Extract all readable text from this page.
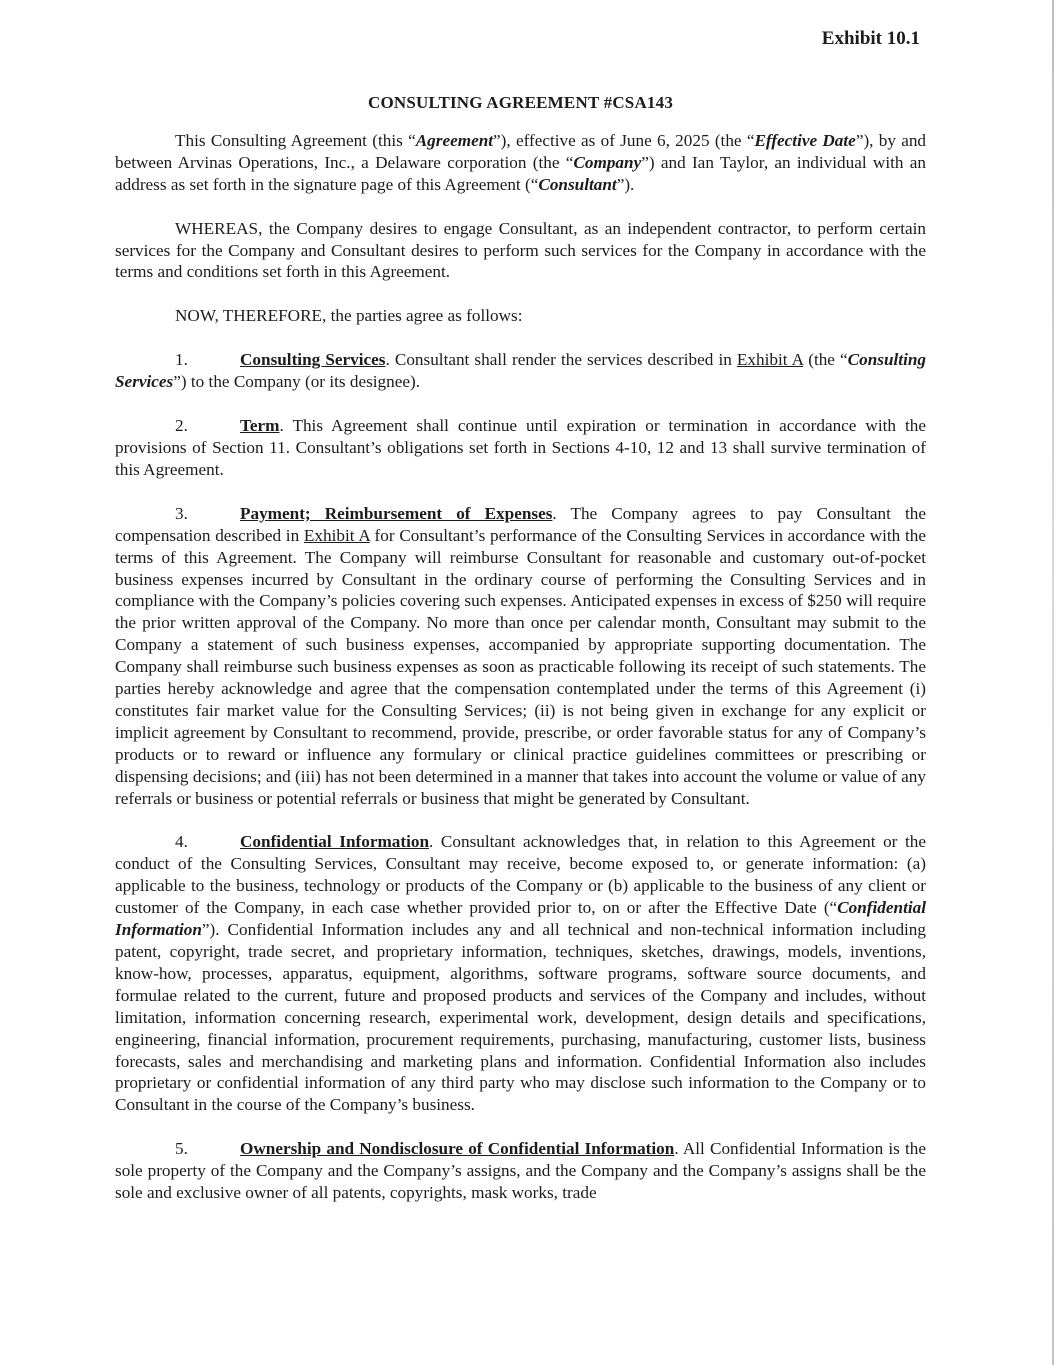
Exhibit 10.1
CONSULTING AGREEMENT #CSA143

This Consulting Agreement (this “Agreement”), effective as of June 6, 2025 (the “Effective Date”), by and between Arvinas Operations, Inc., a Delaware corporation (the “Company”) and Ian Taylor, an individual with an address as set forth in the signature page of this Agreement (“Consultant”).

WHEREAS, the Company desires to engage Consultant, as an independent contractor, to perform certain services for the Company and Consultant desires to perform such services for the Company in accordance with the terms and conditions set forth in this Agreement.

NOW, THEREFORE, the parties agree as follows:

1.	Consulting Services. Consultant shall render the services described in Exhibit A (the “Consulting Services”) to the Company (or its designee).

2.	Term. This Agreement shall continue until expiration or termination in accordance with the provisions of Section 11. Consultant’s obligations set forth in Sections 4-10, 12 and 13 shall survive termination of this Agreement.

3.	Payment; Reimbursement of Expenses. The Company agrees to pay Consultant the compensation described in Exhibit A for Consultant’s performance of the Consulting Services in accordance with the terms of this Agreement. The Company will reimburse Consultant for reasonable and customary out-of-pocket business expenses incurred by Consultant in the ordinary course of performing the Consulting Services and in compliance with the Company’s policies covering such expenses. Anticipated expenses in excess of $250 will require the prior written approval of the Company. No more than once per calendar month, Consultant may submit to the Company a statement of such business expenses, accompanied by appropriate supporting documentation. The Company shall reimburse such business expenses as soon as practicable following its receipt of such statements. The parties hereby acknowledge and agree that the compensation contemplated under the terms of this Agreement (i) constitutes fair market value for the Consulting Services; (ii) is not being given in exchange for any explicit or implicit agreement by Consultant to recommend, provide, prescribe, or order favorable status for any of Company’s products or to reward or influence any formulary or clinical practice guidelines committees or prescribing or dispensing decisions; and (iii) has not been determined in a manner that takes into account the volume or value of any referrals or business or potential referrals or business that might be generated by Consultant.

4.	Confidential Information. Consultant acknowledges that, in relation to this Agreement or the conduct of the Consulting Services, Consultant may receive, become exposed to, or generate information: (a) applicable to the business, technology or products of the Company or (b) applicable to the business of any client or customer of the Company, in each case whether provided prior to, on or after the Effective Date (“Confidential Information”). Confidential Information includes any and all technical and non-technical information including patent, copyright, trade secret, and proprietary information, techniques, sketches, drawings, models, inventions, know-how, processes, apparatus, equipment, algorithms, software programs, software source documents, and formulae related to the current, future and proposed products and services of the Company and includes, without limitation, information concerning research, experimental work, development, design details and specifications, engineering, financial information, procurement requirements, purchasing, manufacturing, customer lists, business forecasts, sales and merchandising and marketing plans and information. Confidential Information also includes proprietary or confidential information of any third party who may disclose such information to the Company or to Consultant in the course of the Company’s business.

5.	Ownership and Nondisclosure of Confidential Information. All Confidential Information is the sole property of the Company and the Company’s assigns, and the Company and the Company’s assigns shall be the sole and exclusive owner of all patents, copyrights, mask works, trade
